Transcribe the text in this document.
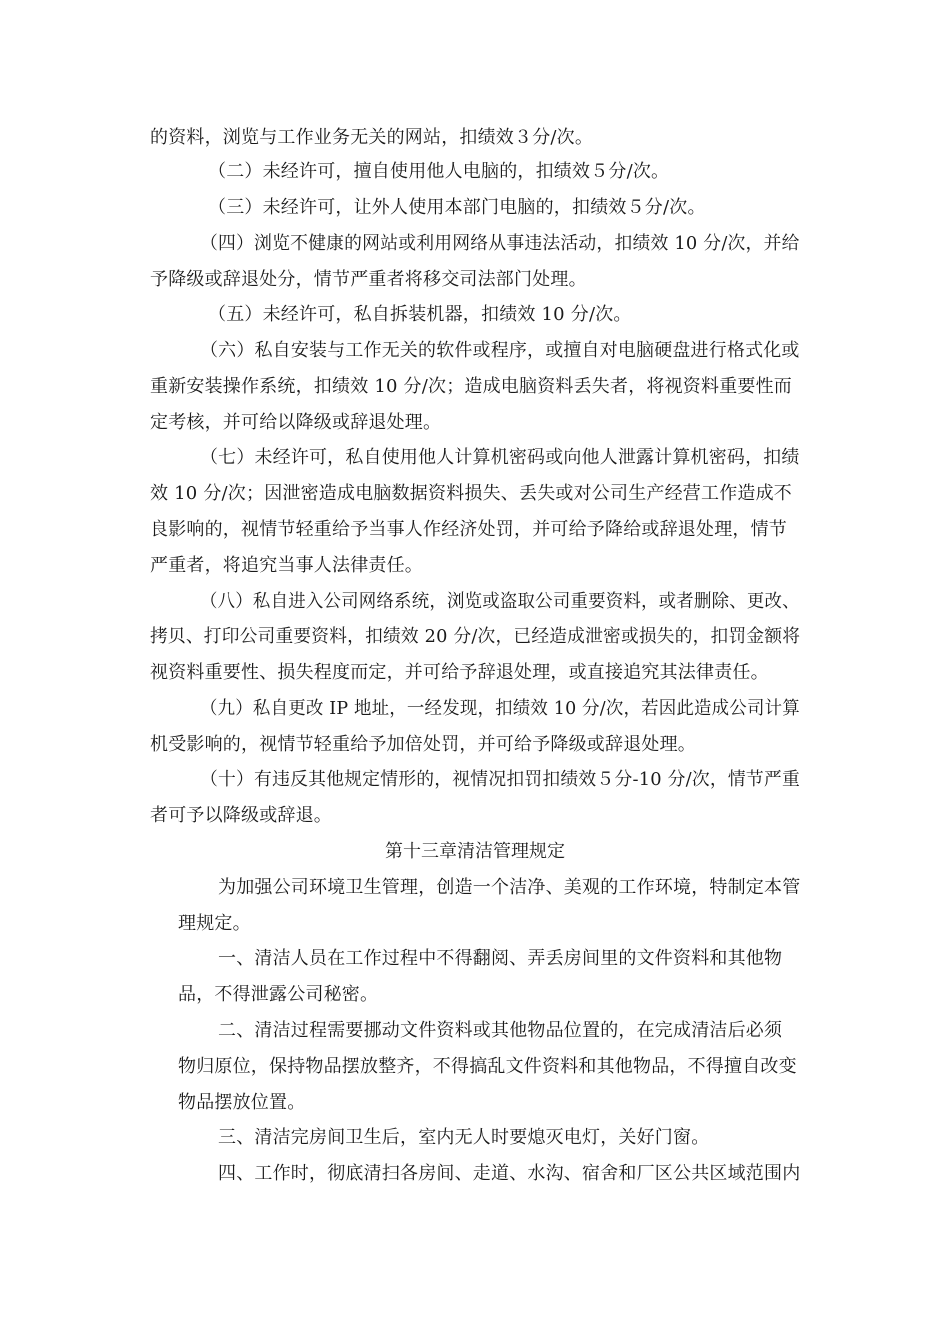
的资料，浏览与工作业务无关的网站，扣绩效３分/次。
（二）未经许可，擅自使用他人电脑的，扣绩效５分/次。
（三）未经许可，让外人使用本部门电脑的，扣绩效５分/次。
（四）浏览不健康的网站或利用网络从事违法活动，扣绩效 10 分/次，并给
予降级或辞退处分，情节严重者将移交司法部门处理。
（五）未经许可，私自拆装机器，扣绩效 10 分/次。
（六）私自安装与工作无关的软件或程序，或擅自对电脑硬盘进行格式化或
重新安装操作系统，扣绩效 10 分/次；造成电脑资料丢失者，将视资料重要性而
定考核，并可给以降级或辞退处理。
（七）未经许可，私自使用他人计算机密码或向他人泄露计算机密码，扣绩
效 10 分/次；因泄密造成电脑数据资料损失、丢失或对公司生产经营工作造成不
良影响的，视情节轻重给予当事人作经济处罚，并可给予降给或辞退处理，情节
严重者，将追究当事人法律责任。
（八）私自进入公司网络系统，浏览或盗取公司重要资料，或者删除、更改、
拷贝、打印公司重要资料，扣绩效 20 分/次，已经造成泄密或损失的，扣罚金额将
视资料重要性、损失程度而定，并可给予辞退处理，或直接追究其法律责任。
（九）私自更改 IP 地址，一经发现，扣绩效 10 分/次，若因此造成公司计算
机受影响的，视情节轻重给予加倍处罚，并可给予降级或辞退处理。
（十）有违反其他规定情形的，视情况扣罚扣绩效５分-10 分/次，情节严重
者可予以降级或辞退。
第十三章清洁管理规定
为加强公司环境卫生管理，创造一个洁净、美观的工作环境，特制定本管
理规定。
一、清洁人员在工作过程中不得翻阅、弄丢房间里的文件资料和其他物
品，不得泄露公司秘密。
二、清洁过程需要挪动文件资料或其他物品位置的，在完成清洁后必须
物归原位，保持物品摆放整齐，不得搞乱文件资料和其他物品，不得擅自改变
物品摆放位置。
三、清洁完房间卫生后，室内无人时要熄灭电灯，关好门窗。
四、工作时，彻底清扫各房间、走道、水沟、宿舍和厂区公共区域范围内
